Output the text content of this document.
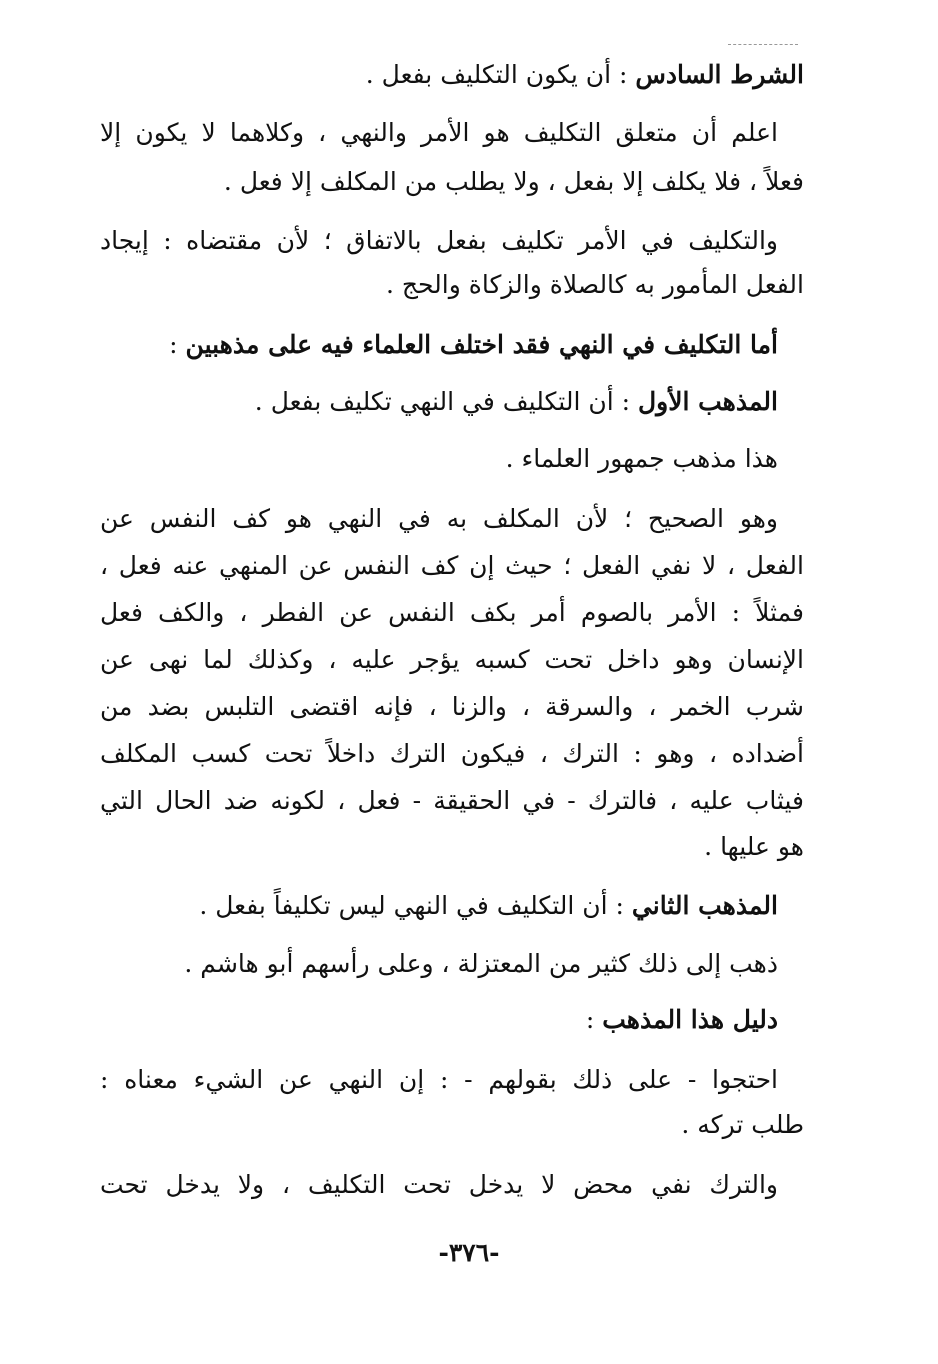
الشرط السادس : أن يكون التكليف بفعل .

اعلم أن متعلق التكليف هو الأمر والنهي ، وكلاهما لا يكون إلا

فعلاً ، فلا يكلف إلا بفعل ، ولا يطلب من المكلف إلا فعل .

والتكليف في الأمر تكليف بفعل بالاتفاق ؛ لأن مقتضاه : إيجاد

الفعل المأمور به كالصلاة والزكاة والحج .

أما التكليف في النهي فقد اختلف العلماء فيه على مذهبين :

المذهب الأول : أن التكليف في النهي تكليف بفعل .

هذا مذهب جمهور العلماء .

وهو الصحيح ؛ لأن المكلف به في النهي هو كف النفس عن

الفعل ، لا نفي الفعل ؛ حيث إن كف النفس عن المنهي عنه فعل ،

فمثلاً : الأمر بالصوم أمر بكف النفس عن الفطر ، والكف فعل

الإنسان وهو داخل تحت كسبه يؤجر عليه ، وكذلك لما نهى عن

شرب الخمر ، والسرقة ، والزنا ، فإنه اقتضى التلبس بضد من

أضداده ، وهو : الترك ، فيكون الترك داخلاً تحت كسب المكلف

فيثاب عليه ، فالترك - في الحقيقة - فعل ، لكونه ضد الحال التي

هو عليها .

المذهب الثاني : أن التكليف في النهي ليس تكليفاً بفعل .

ذهب إلى ذلك كثير من المعتزلة ، وعلى رأسهم أبو هاشم .

دليل هذا المذهب :

احتجوا - على ذلك بقولهم - : إن النهي عن الشيء معناه :

طلب تركه .

والترك نفي محض لا يدخل تحت التكليف ، ولا يدخل تحت

-٣٧٦-
